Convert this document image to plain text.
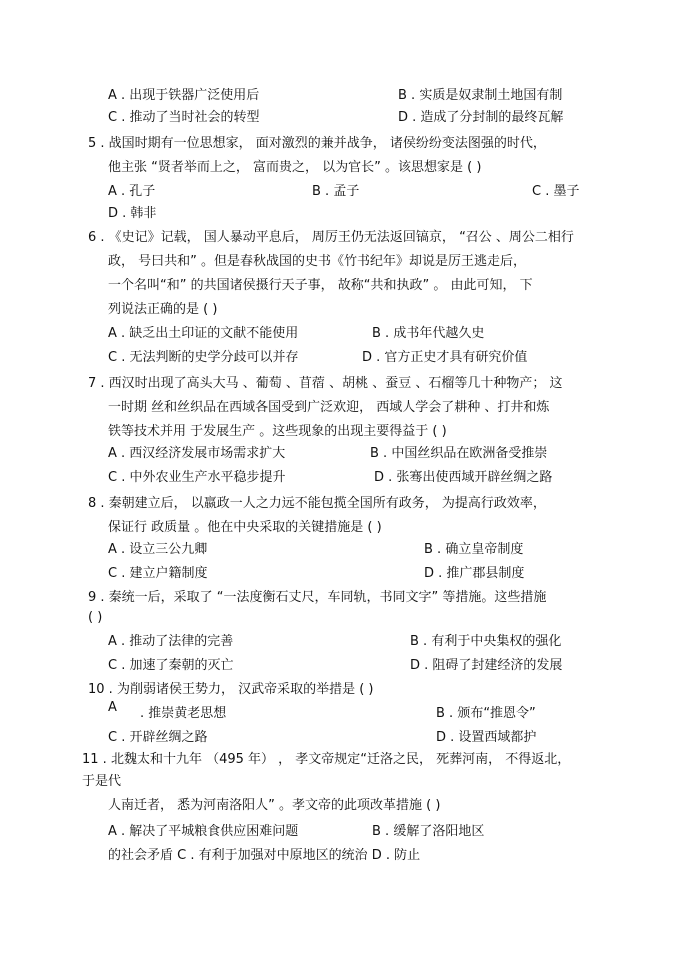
A . 出现于铁器广泛使用后	B . 实质是奴隶制土地国有制
C . 推动了当时社会的转型	D . 造成了分封制的最终瓦解
5 . 战国时期有一位思想家， 面对激烈的兼并战争， 诸侯纷纷变法图强的时代，
他主张 “贤者举而上之， 富而贵之， 以为官长” 。该思想家是 ( )
A . 孔子	B . 孟子	C . 墨子
D . 韩非
6 . 《史记》记载， 国人暴动平息后， 周厉王仍无法返回镐京， “召公 、周公二相行
政， 号曰共和” 。但是春秋战国的史书《竹书纪年》却说是厉王逃走后，
一个名叫“和” 的共国诸侯摄行天子事， 故称“共和执政” 。 由此可知， 下
列说法正确的是 ( )
A . 缺乏出土印证的文献不能使用	B . 成书年代越久史
C . 无法判断的史学分歧可以并存	D . 官方正史才具有研究价值
7 . 西汉时出现了高头大马 、葡萄 、苜蓿 、胡桃 、蚕豆 、石榴等几十种物产； 这
一时期 丝和丝织品在西域各国受到广泛欢迎， 西域人学会了耕种 、打井和炼
铁等技术并用 于发展生产 。这些现象的出现主要得益于 ( )
A . 西汉经济发展市场需求扩大	B . 中国丝织品在欧洲备受推崇
C . 中外农业生产水平稳步提升	D . 张骞出使西域开辟丝绸之路
8 . 秦朝建立后， 以嬴政一人之力远不能包揽全国所有政务， 为提高行政效率，
保证行 政质量 。他在中央采取的关键措施是 ( )
A . 设立三公九卿	B . 确立皇帝制度
C . 建立户籍制度	D . 推广郡县制度
9 . 秦统一后，采取了 “一法度衡石丈尺，车同轨，书同文字” 等措施。这些措施
( )
A . 推动了法律的完善	B . 有利于中央集权的强化
C . 加速了秦朝的灭亡	D . 阻碍了封建经济的发展
10 . 为削弱诸侯王势力， 汉武帝采取的举措是 ( )
A . 推崇黄老思想	B . 颁布“推恩令”
C . 开辟丝绸之路	D . 设置西域都护
11 . 北魏太和十九年 （495 年） ， 孝文帝规定“迁洛之民， 死葬河南， 不得返北，
于是代
人南迁者， 悉为河南洛阳人” 。孝文帝的此项改革措施 ( )
A . 解决了平城粮食供应困难问题	B . 缓解了洛阳地区
的社会矛盾 C . 有利于加强对中原地区的统治 D . 防止
